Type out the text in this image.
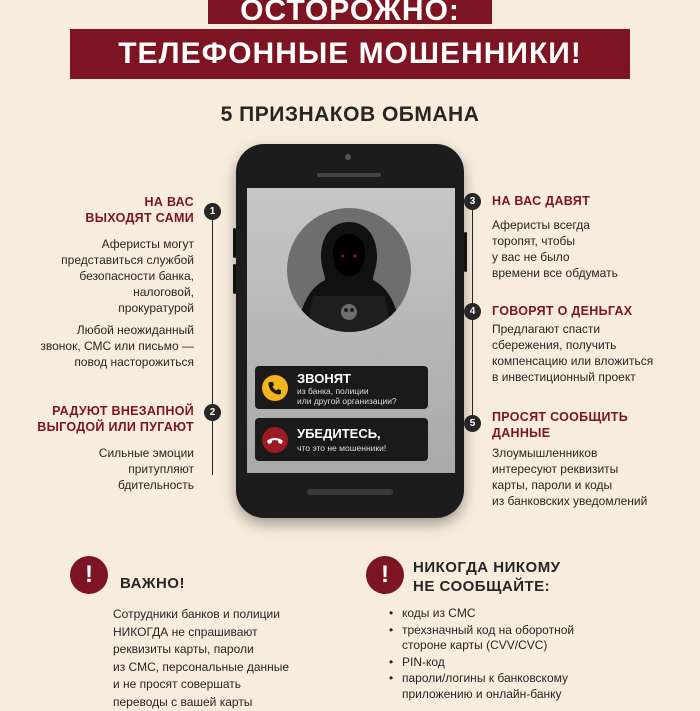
ОСТОРОЖНО:
ТЕЛЕФОННЫЕ МОШЕННИКИ!
5 ПРИЗНАКОВ ОБМАНА
ЗВОНЯТ
из банка, полиции
или другой организации?
УБЕДИТЕСЬ,
что это не мошенники!
1
2
НА ВАС
ВЫХОДЯТ САМИ
Аферисты могут
представиться службой
безопасности банка,
налоговой,
прокуратурой
Любой неожиданный
звонок, СМС или письмо —
повод насторожиться
РАДУЮТ ВНЕЗАПНОЙ
ВЫГОДОЙ ИЛИ ПУГАЮТ
Сильные эмоции
притупляют
бдительность
3
4
5
НА ВАС ДАВЯТ
Аферисты всегда
торопят, чтобы
у вас не было
времени все обдумать
ГОВОРЯТ О ДЕНЬГАХ
Предлагают спасти
сбережения, получить
компенсацию или вложиться
в инвестиционный проект
ПРОСЯТ СООБЩИТЬ
ДАННЫЕ
Злоумышленников
интересуют реквизиты
карты, пароли и коды
из банковских уведомлений
!	ВАЖНО!
Сотрудники банков и полиции
НИКОГДА не спрашивают
реквизиты карты, пароли
из СМС, персональные данные
и не просят совершать
переводы с вашей карты
!	НИКОГДА НИКОМУ
НЕ СООБЩАЙТЕ:
• коды из СМС
• трехзначный код на оборотной
стороне карты (CVV/CVC)
• PIN-код
• пароли/логины к банковскому
приложению и онлайн-банку
